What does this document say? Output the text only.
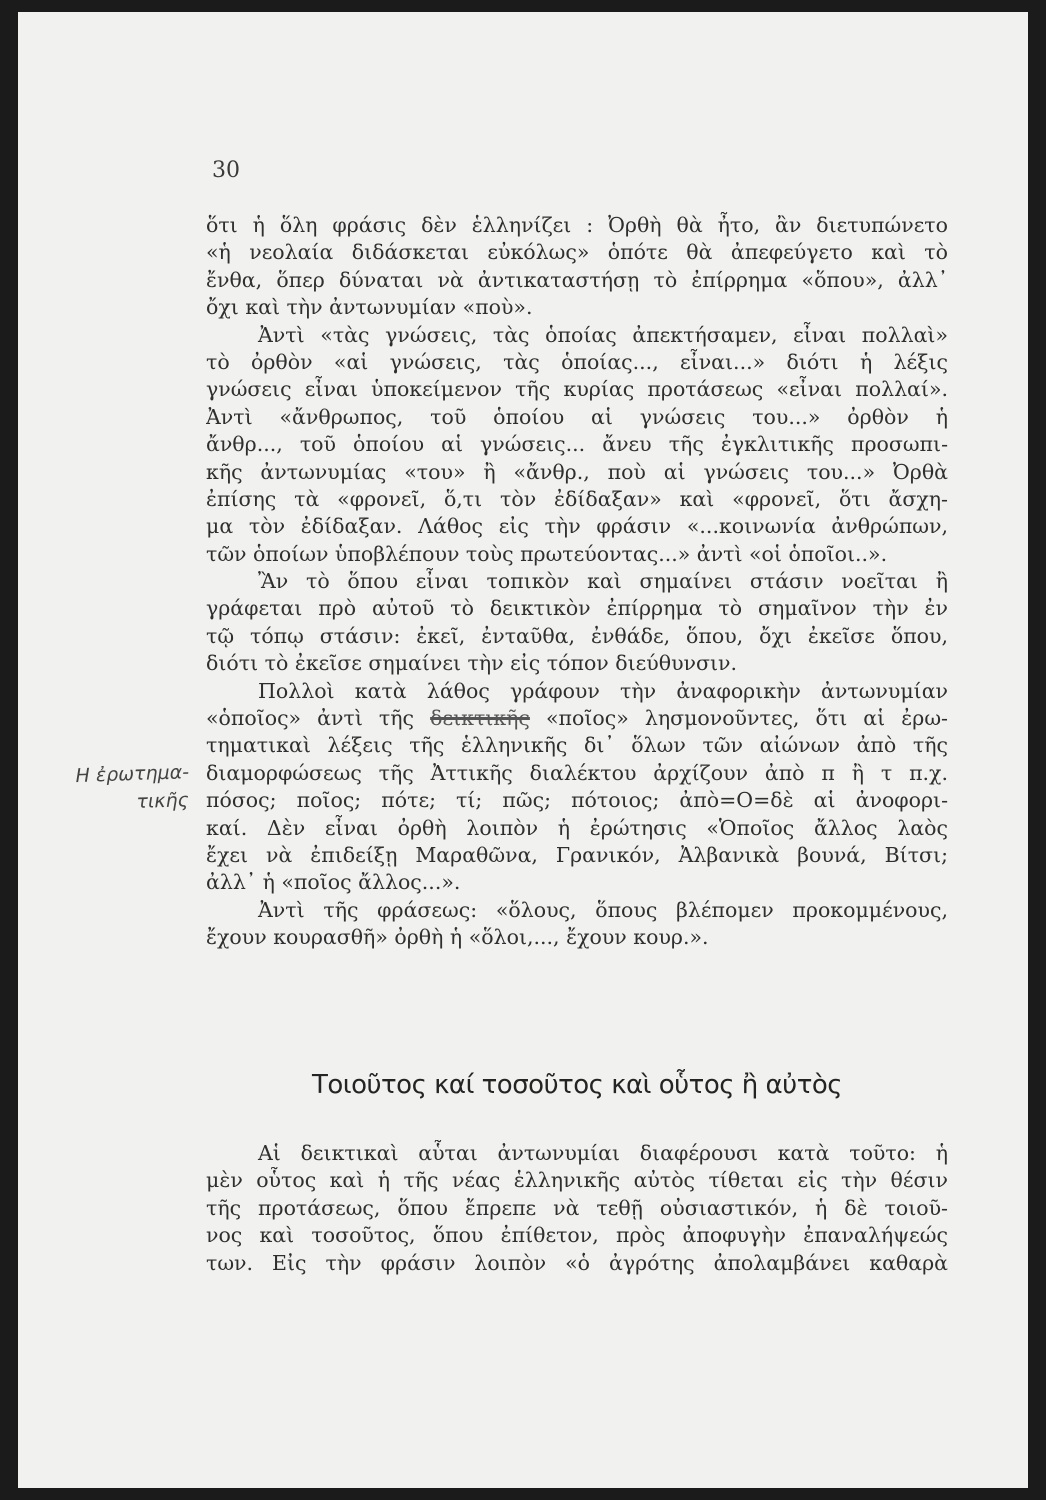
30
Η ἐρωτημα-
τικῆς
ὅτι ἡ ὅλη φράσις δὲν ἑλληνίζει : Ὀρθὴ θὰ ἦτο, ἂν διετυπώνετο
«ἡ νεολαία διδάσκεται εὐκόλως» ὁπότε θὰ ἀπεφεύγετο καὶ τὸ
ἔνθα, ὅπερ δύναται νὰ ἀντικαταστήσῃ τὸ ἐπίρρημα «ὅπου», ἀλλ᾿
ὄχι καὶ τὴν ἀντωνυμίαν «ποὺ».
Ἀντὶ «τὰς γνώσεις, τὰς ὁποίας ἀπεκτήσαμεν, εἶναι πολλαὶ»
τὸ ὀρθὸν «αἱ γνώσεις, τὰς ὁποίας..., εἶναι...» διότι ἡ λέξις
γνώσεις εἶναι ὑποκείμενον τῆς κυρίας προτάσεως «εἶναι πολλαί».
Ἀντὶ «ἄνθρωπος, τοῦ ὁποίου αἱ γνώσεις του...» ὀρθὸν ἡ
ἄνθρ..., τοῦ ὁποίου αἱ γνώσεις... ἄνευ τῆς ἐγκλιτικῆς προσωπι-
κῆς ἀντωνυμίας «του» ἢ «ἄνθρ., ποὺ αἱ γνώσεις του...» Ὀρθὰ
ἐπίσης τὰ «φρονεῖ, ὅ,τι τὸν ἐδίδαξαν» καὶ «φρονεῖ, ὅτι ἄσχη-
μα τὸν ἐδίδαξαν. Λάθος εἰς τὴν φράσιν «...κοινωνία ἀνθρώπων,
τῶν ὁποίων ὑποβλέπουν τοὺς πρωτεύοντας...» ἀντὶ «οἱ ὁποῖοι..».
Ἂν τὸ ὅπου εἶναι τοπικὸν καὶ σημαίνει στάσιν νοεῖται ἢ
γράφεται πρὸ αὐτοῦ τὸ δεικτικὸν ἐπίρρημα τὸ σημαῖνον τὴν ἐν
τῷ τόπῳ στάσιν: ἐκεῖ, ἐνταῦθα, ἐνθάδε, ὅπου, ὄχι ἐκεῖσε ὅπου,
διότι τὸ ἐκεῖσε σημαίνει τὴν εἰς τόπον διεύθυνσιν.
Πολλοὶ κατὰ λάθος γράφουν τὴν ἀναφορικὴν ἀντωνυμίαν
«ὁποῖος» ἀντὶ τῆς δεικτικῆς «ποῖος» λησμονοῦντες, ὅτι αἱ ἐρω-
τηματικαὶ λέξεις τῆς ἑλληνικῆς δι᾿ ὅλων τῶν αἰώνων ἀπὸ τῆς
διαμορφώσεως τῆς Ἀττικῆς διαλέκτου ἀρχίζουν ἀπὸ π ἢ τ π.χ.
πόσος; ποῖος; πότε; τί; πῶς; πότοιος; ἀπὸ=Ο=δὲ αἱ ἀνοφορι-
καί. Δὲν εἶναι ὀρθὴ λοιπὸν ἡ ἐρώτησις «Ὁποῖος ἄλλος λαὸς
ἔχει νὰ ἐπιδείξῃ Μαραθῶνα, Γρανικόν, Ἀλβανικὰ βουνά, Βίτσι;
ἀλλ᾿ ἡ «ποῖος ἄλλος...».
Ἀντὶ τῆς φράσεως: «ὅλους, ὅπους βλέπομεν προκομμένους,
ἔχουν κουρασθῆ» ὀρθὴ ἡ «ὅλοι,..., ἔχουν κουρ.».
Τοιοῦτος καί τοσοῦτος καὶ οὗτος ἢ αὐτὸς
Αἱ δεικτικαὶ αὗται ἀντωνυμίαι διαφέρουσι κατὰ τοῦτο: ἡ
μὲν οὗτος καὶ ἡ τῆς νέας ἑλληνικῆς αὐτὸς τίθεται εἰς τὴν θέσιν
τῆς προτάσεως, ὅπου ἔπρεπε νὰ τεθῇ οὐσιαστικόν, ἡ δὲ τοιοῦ-
νος καὶ τοσοῦτος, ὅπου ἐπίθετον, πρὸς ἀποφυγὴν ἐπαναλήψεώς
των. Εἰς τὴν φράσιν λοιπὸν «ὁ ἀγρότης ἀπολαμβάνει καθαρὰ
